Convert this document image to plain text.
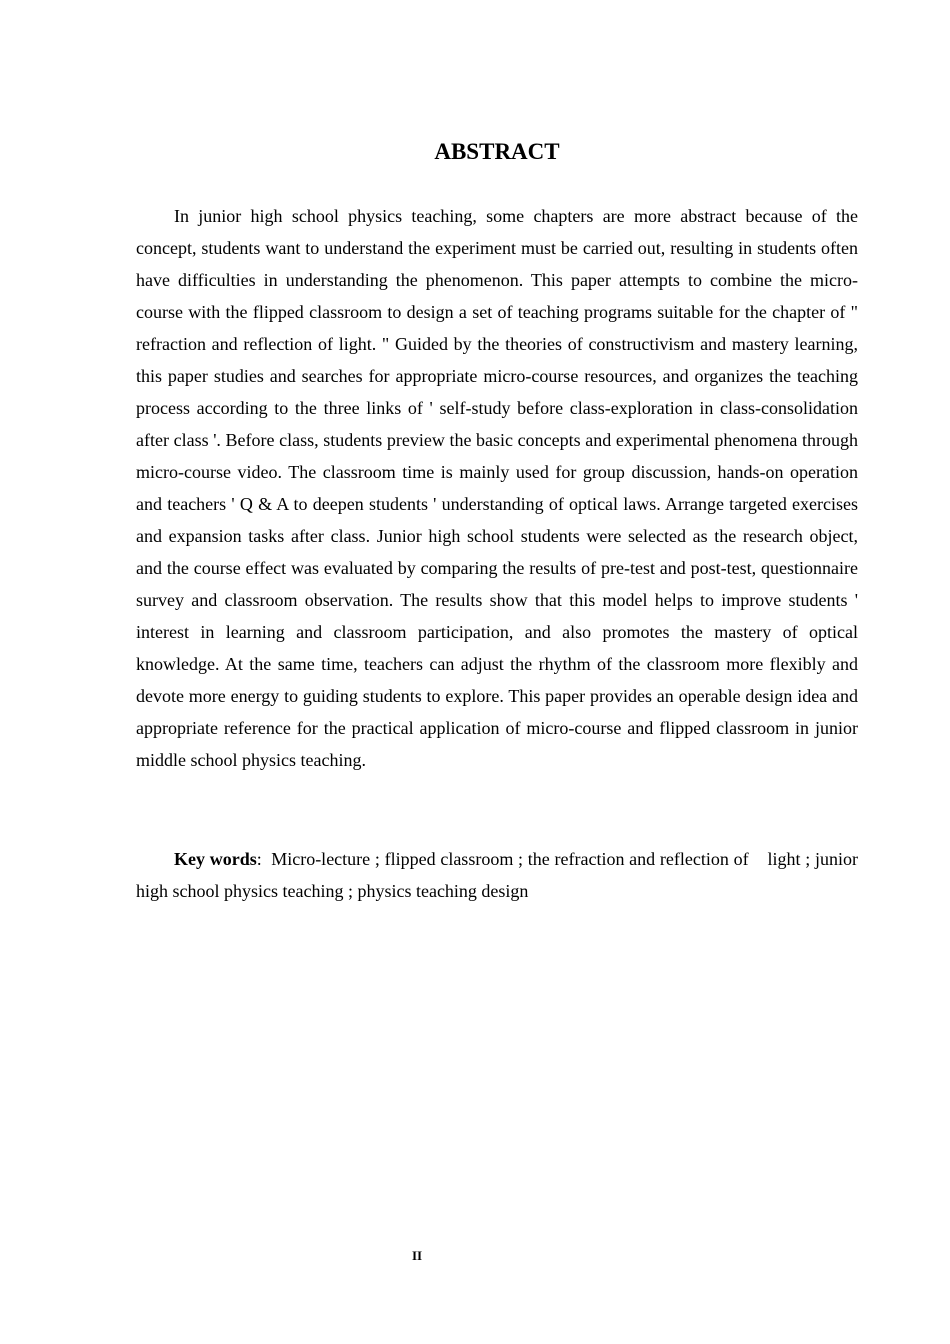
ABSTRACT

In junior high school physics teaching, some chapters are more abstract because of the concept, students want to understand the experiment must be carried out, resulting in students often have difficulties in understanding the phenomenon. This paper attempts to combine the micro-course with the flipped classroom to design a set of teaching programs suitable for the chapter of " refraction and reflection of light. " Guided by the theories of constructivism and mastery learning, this paper studies and searches for appropriate micro-course resources, and organizes the teaching process according to the three links of ' self-study before class-exploration in class-consolidation after class '. Before class, students preview the basic concepts and experimental phenomena through micro-course video. The classroom time is mainly used for group discussion, hands-on operation and teachers ' Q & A to deepen students ' understanding of optical laws. Arrange targeted exercises and expansion tasks after class. Junior high school students were selected as the research object, and the course effect was evaluated by comparing the results of pre-test and post-test, questionnaire survey and classroom observation. The results show that this model helps to improve students ' interest in learning and classroom participation, and also promotes the mastery of optical knowledge. At the same time, teachers can adjust the rhythm of the classroom more flexibly and devote more energy to guiding students to explore. This paper provides an operable design idea and appropriate reference for the practical application of micro-course and flipped classroom in junior middle school physics teaching.

Key words:  Micro-lecture ; flipped classroom ; the refraction and reflection of    light ; junior high school physics teaching ; physics teaching design

II
